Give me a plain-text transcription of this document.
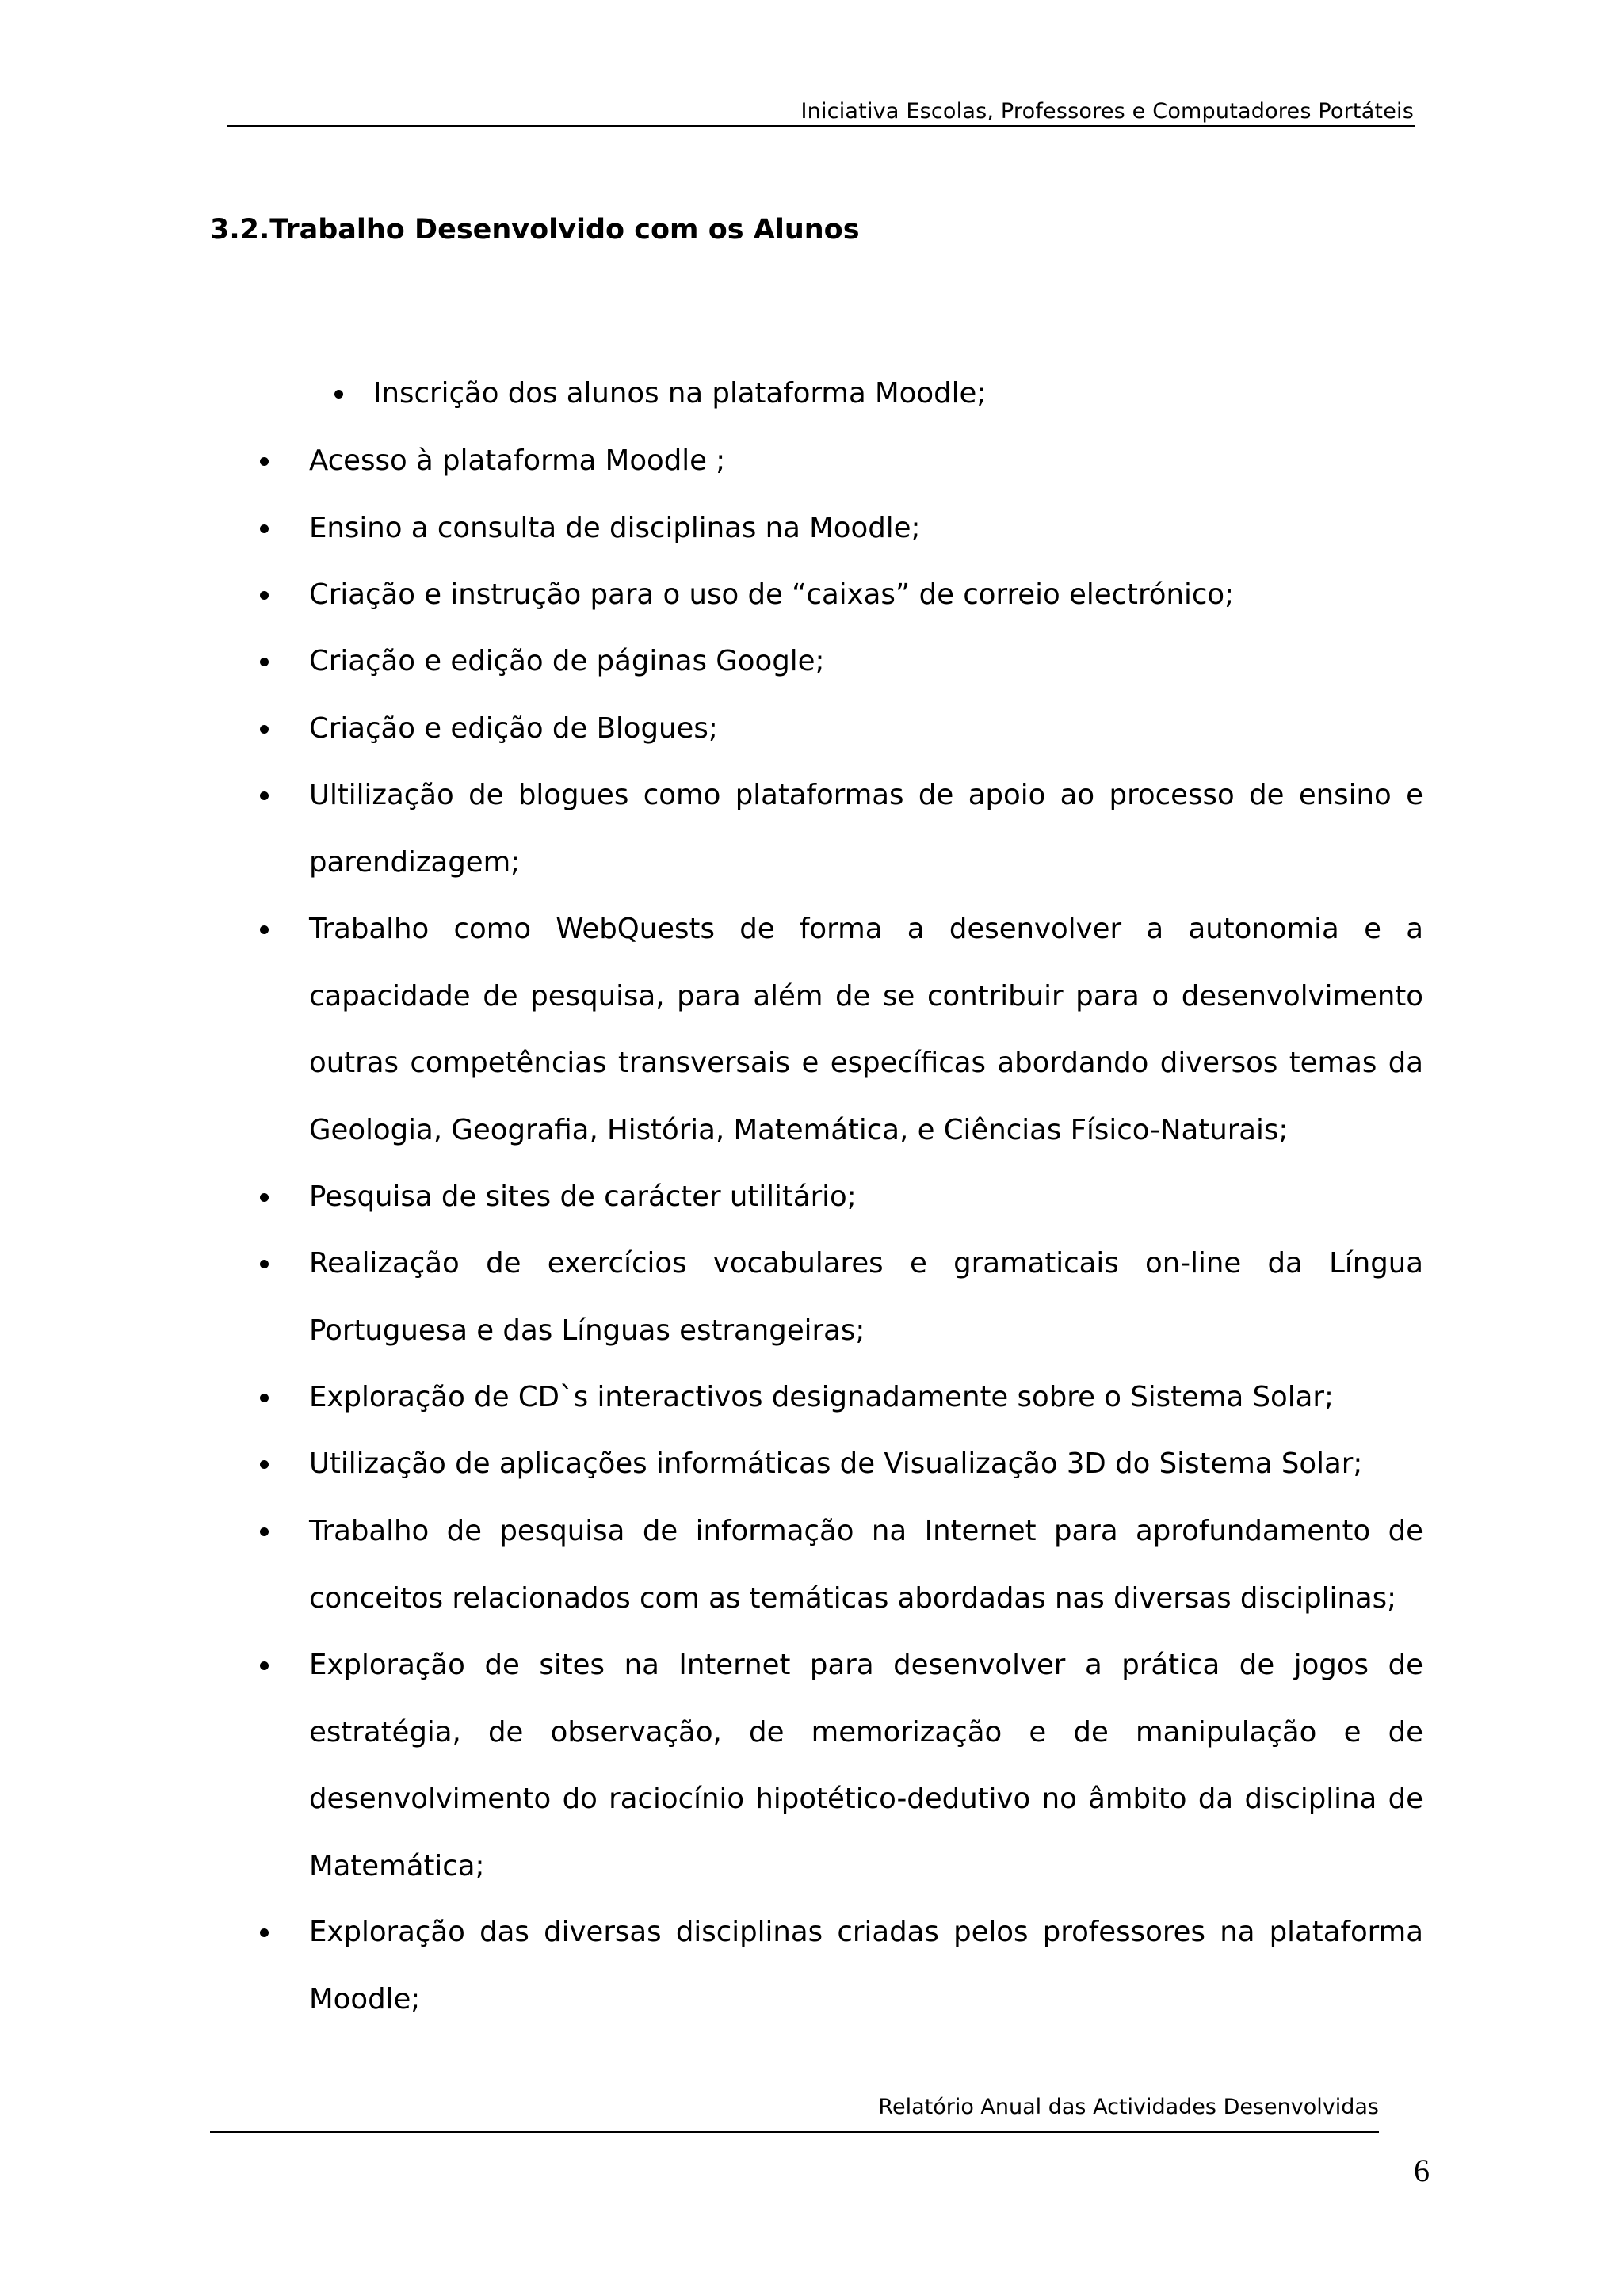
Iniciativa Escolas, Professores e Computadores Portáteis
3.2.Trabalho Desenvolvido com os Alunos

Inscrição dos alunos na plataforma Moodle;

Acesso à plataforma Moodle ;

Ensino a consulta de disciplinas na Moodle;

Criação e instrução para o uso de “caixas” de correio electrónico;

Criação e edição de páginas Google;

Criação e edição de Blogues;

Ultilização de blogues como plataformas de apoio ao processo de ensino e parendizagem;

Trabalho como WebQuests de forma a desenvolver a autonomia e a capacidade de pesquisa, para além de se contribuir para o desenvolvimento outras competências transversais e específicas abordando diversos temas da Geologia, Geografia, História, Matemática, e Ciências Físico-Naturais;

Pesquisa de sites de carácter utilitário;

Realização de exercícios vocabulares e gramaticais on-line da Língua Portuguesa e das Línguas estrangeiras;

Exploração de CD`s interactivos designadamente sobre o Sistema Solar;

Utilização de aplicações informáticas de Visualização 3D do Sistema Solar;

Trabalho de pesquisa de informação na Internet para aprofundamento de conceitos relacionados com as temáticas abordadas nas diversas disciplinas;

Exploração de sites na Internet para desenvolver a prática de jogos de estratégia, de observação, de memorização e de manipulação e de desenvolvimento do raciocínio hipotético-dedutivo no âmbito da disciplina de Matemática;

Exploração das diversas disciplinas criadas pelos professores na plataforma Moodle;

Relatório Anual das Actividades Desenvolvidas
6
